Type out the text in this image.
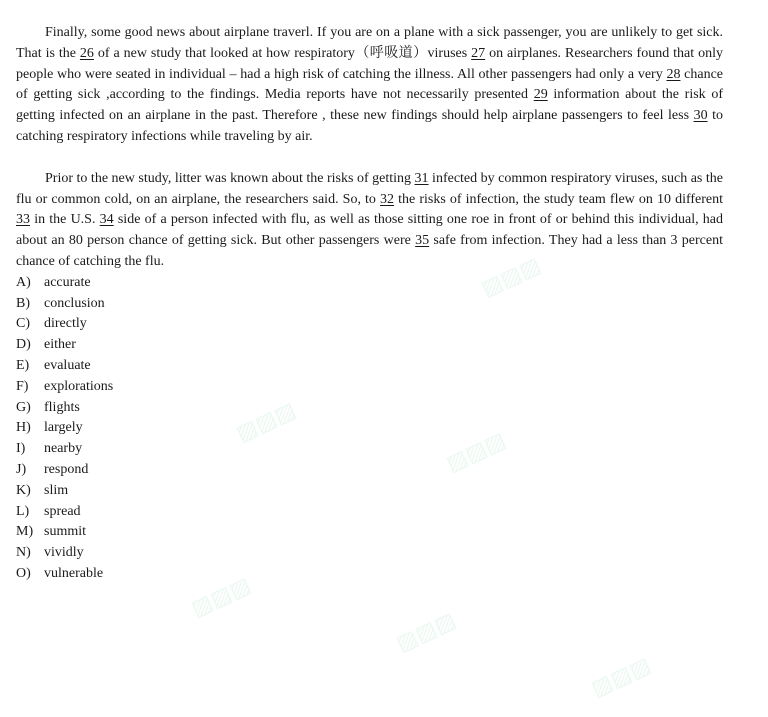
Finally, some good news about airplane traverl. If you are on a plane with a sick passenger, you are unlikely to get sick. That is the 26 of a new study that looked at how respiratory（呼吸道）viruses 27 on airplanes. Researchers found that only people who were seated in individual – had a high risk of catching the illness. All other passengers had only a very 28 chance of getting sick ,according to the findings. Media reports have not necessarily presented 29 information about the risk of getting infected on an airplane in the past. Therefore , these new findings should help airplane passengers to feel less 30 to catching respiratory infections while traveling by air.

Prior to the new study, litter was known about the risks of getting 31 infected by common respiratory viruses, such as the flu or common cold, on an airplane, the researchers said. So, to 32 the risks of infection, the study team flew on 10 different 33 in the U.S. 34 side of a person infected with flu, as well as those sitting one roe in front of or behind this individual, had about an 80 person chance of getting sick. But other passengers were 35 safe from infection. They had a less than 3 percent chance of catching the flu.

A) accurate
B) conclusion
C) directly
D) either
E) evaluate
F) explorations
G) flights
H) largely
I) nearby
J) respond
K) slim
L) spread
M) summit
N) vividly
O) vulnerable
▨▨▨
▨▨▨
▨▨▨
▨▨▨
▨▨▨
▨▨▨
